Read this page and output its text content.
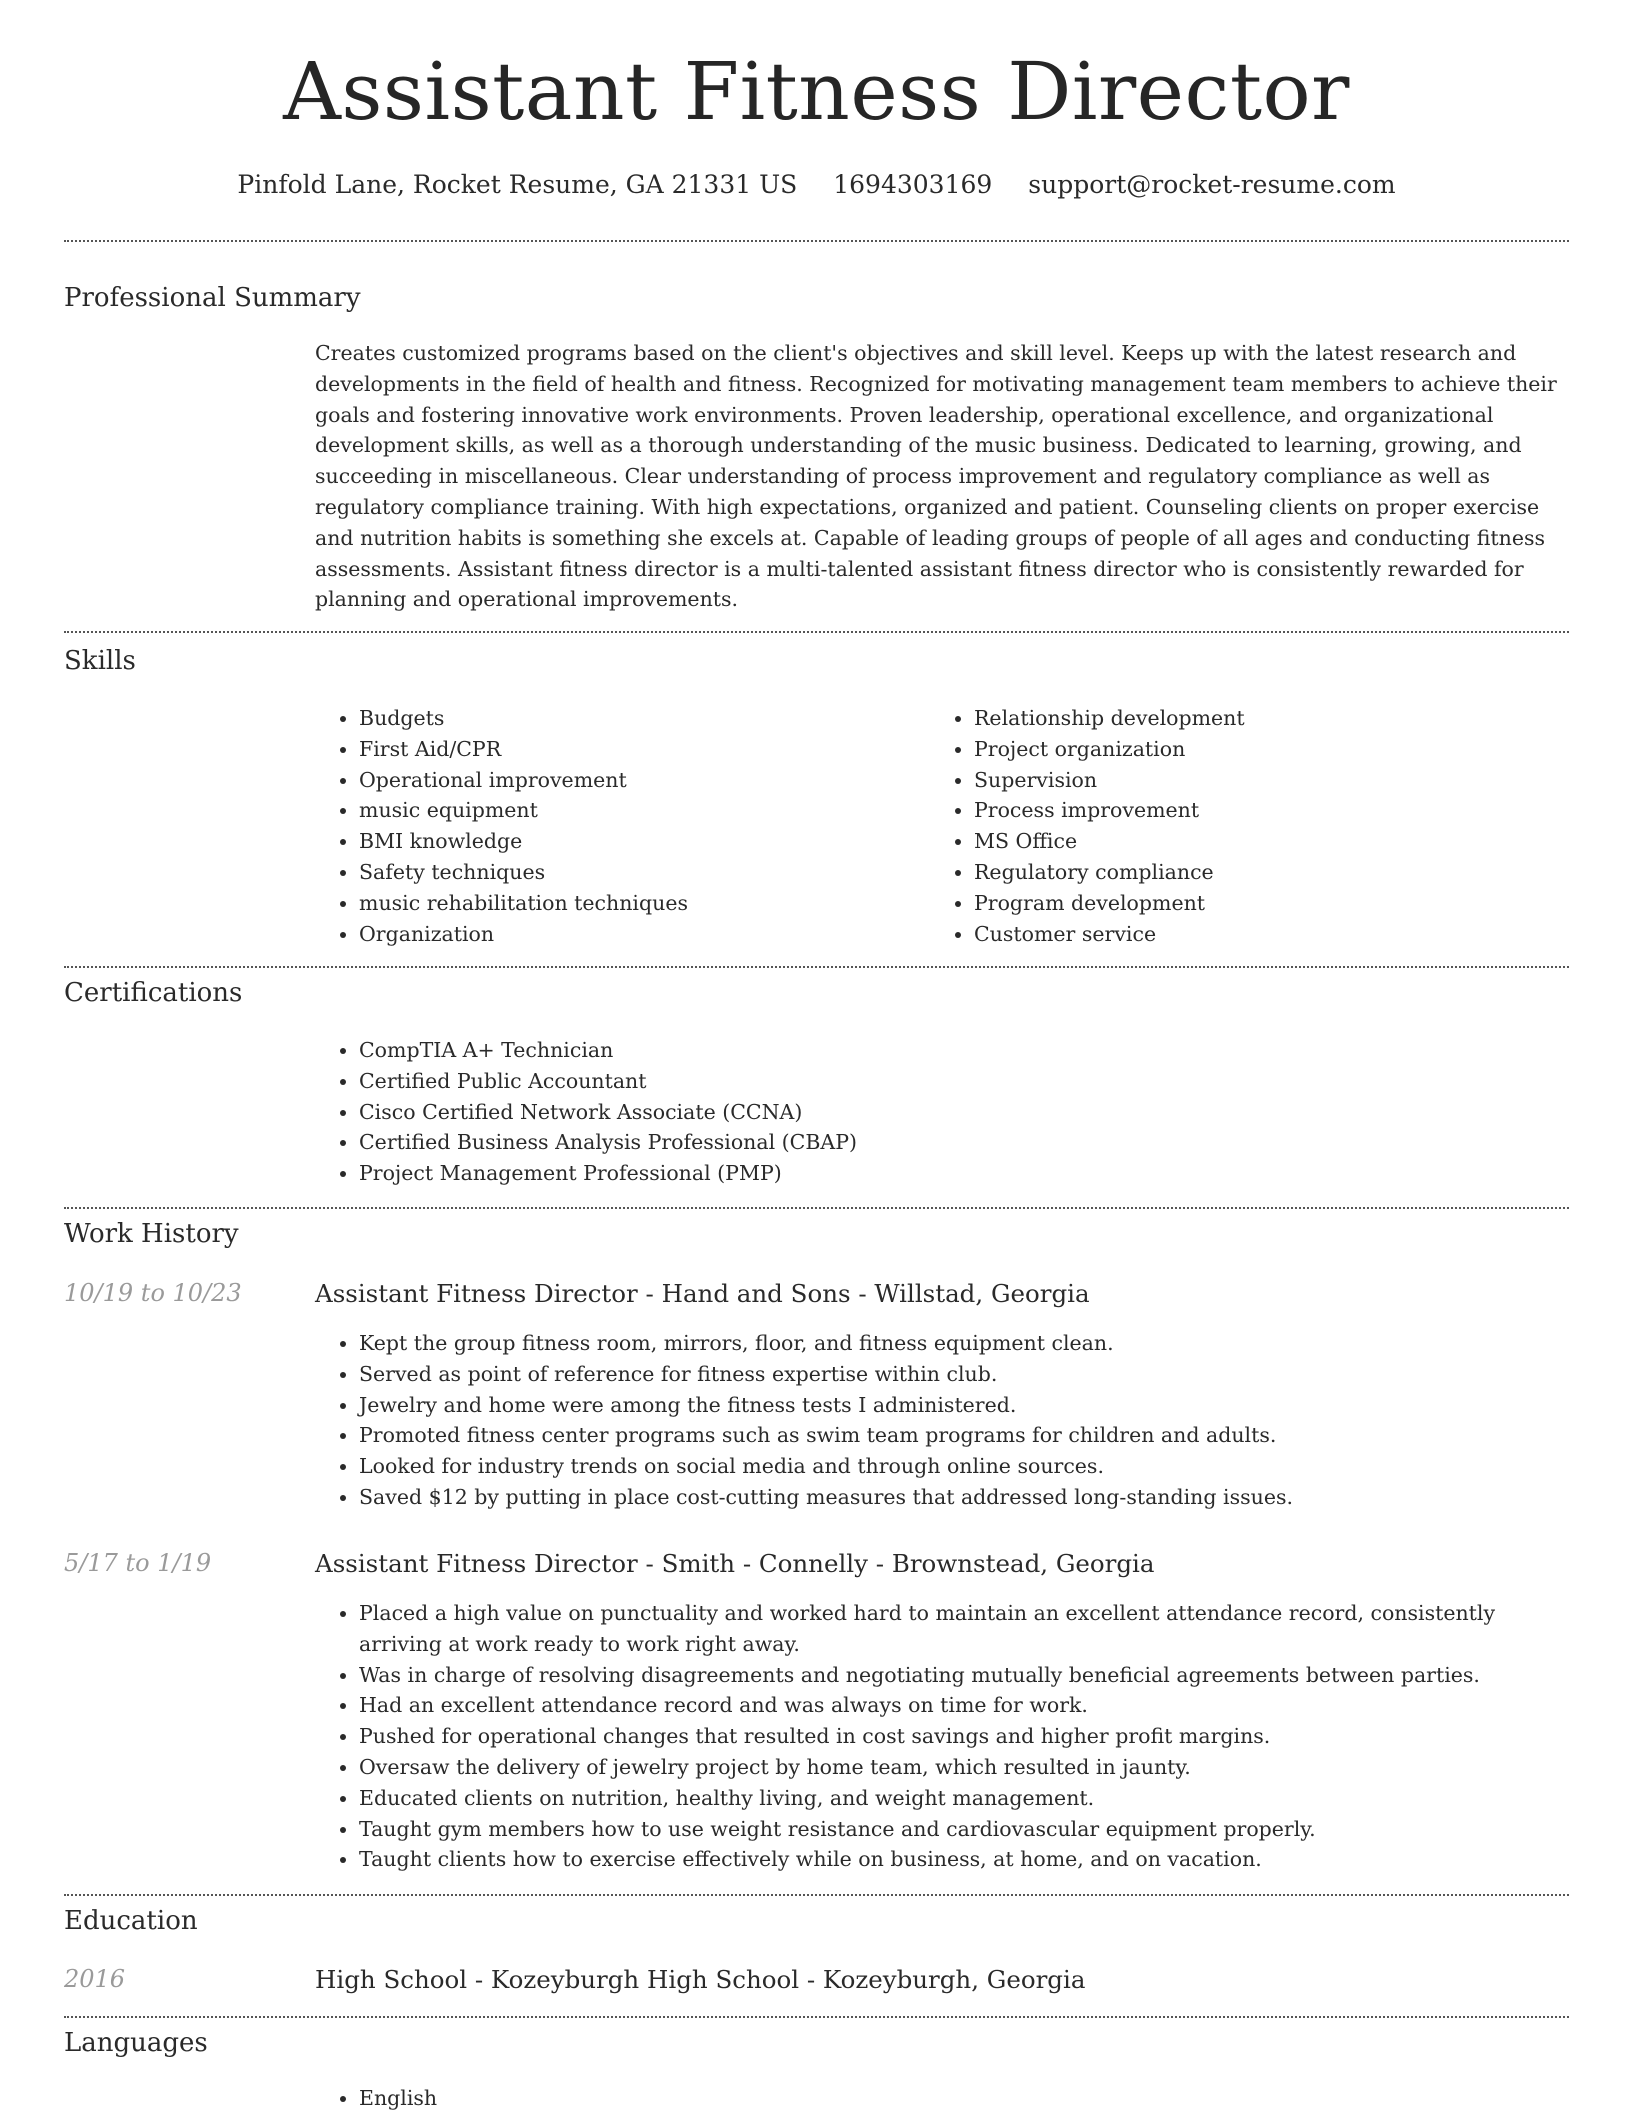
Assistant Fitness Director
Pinfold Lane, Rocket Resume, GA 21331 US 1694303169 support@rocket-resume.com
Professional Summary

Creates customized programs based on the client's objectives and skill level. Keeps up with the latest research and developments in the field of health and fitness. Recognized for motivating management team members to achieve their goals and fostering innovative work environments. Proven leadership, operational excellence, and organizational development skills, as well as a thorough understanding of the music business. Dedicated to learning, growing, and succeeding in miscellaneous. Clear understanding of process improvement and regulatory compliance as well as regulatory compliance training. With high expectations, organized and patient. Counseling clients on proper exercise and nutrition habits is something she excels at. Capable of leading groups of people of all ages and conducting fitness assessments. Assistant fitness director is a multi-talented assistant fitness director who is consistently rewarded for planning and operational improvements.

Skills
• Budgets
• First Aid/CPR
• Operational improvement
• music equipment
• BMI knowledge
• Safety techniques
• music rehabilitation techniques
• Organization
• Relationship development
• Project organization
• Supervision
• Process improvement
• MS Office
• Regulatory compliance
• Program development
• Customer service
Certifications
• CompTIA A+ Technician
• Certified Public Accountant
• Cisco Certified Network Associate (CCNA)
• Certified Business Analysis Professional (CBAP)
• Project Management Professional (PMP)
Work History
10/19 to 10/23	Assistant Fitness Director - Hand and Sons - Willstad, Georgia
• Kept the group fitness room, mirrors, floor, and fitness equipment clean.
• Served as point of reference for fitness expertise within club.
• Jewelry and home were among the fitness tests I administered.
• Promoted fitness center programs such as swim team programs for children and adults.
• Looked for industry trends on social media and through online sources.
• Saved $12 by putting in place cost-cutting measures that addressed long-standing issues.
5/17 to 1/19	Assistant Fitness Director - Smith - Connelly - Brownstead, Georgia
• Placed a high value on punctuality and worked hard to maintain an excellent attendance record, consistently arriving at work ready to work right away.
• Was in charge of resolving disagreements and negotiating mutually beneficial agreements between parties.
• Had an excellent attendance record and was always on time for work.
• Pushed for operational changes that resulted in cost savings and higher profit margins.
• Oversaw the delivery of jewelry project by home team, which resulted in jaunty.
• Educated clients on nutrition, healthy living, and weight management.
• Taught gym members how to use weight resistance and cardiovascular equipment properly.
• Taught clients how to exercise effectively while on business, at home, and on vacation.
Education
2016	High School - Kozeyburgh High School - Kozeyburgh, Georgia
Languages
• English
